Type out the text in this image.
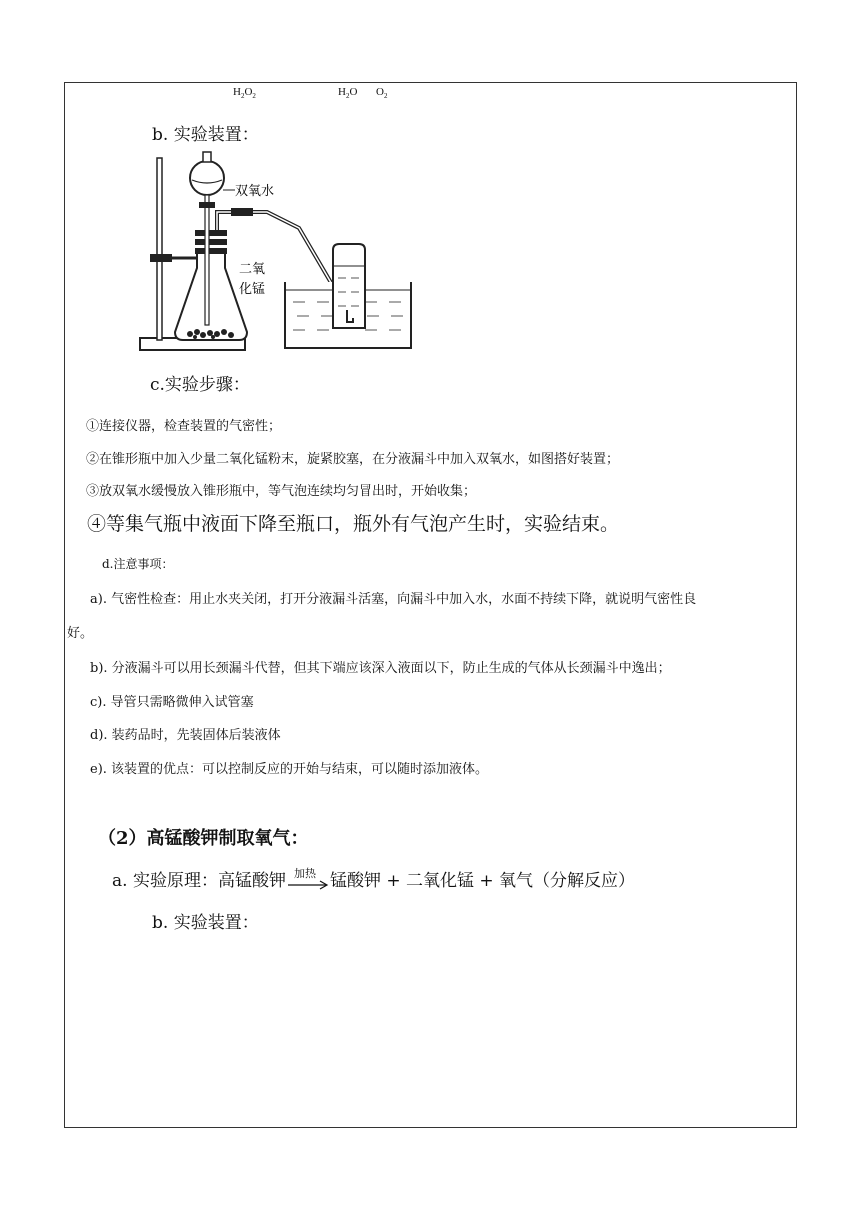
$H_2O_2$	$H_2O$ $O_2$
b. 实验装置：
双氧水
二氧
化锰
c.实验步骤：
①连接仪器，检查装置的气密性；
②在锥形瓶中加入少量二氧化锰粉末，旋紧胶塞，在分液漏斗中加入双氧水，如图搭好装置；
③放双氧水缓慢放入锥形瓶中，等气泡连续均匀冒出时，开始收集；
④等集气瓶中液面下降至瓶口，瓶外有气泡产生时，实验结束。
d.注意事项：
a). 气密性检查：用止水夹关闭，打开分液漏斗活塞，向漏斗中加入水，水面不持续下降，就说明气密性良
好。
b). 分液漏斗可以用长颈漏斗代替，但其下端应该深入液面以下，防止生成的气体从长颈漏斗中逸出；
c). 导管只需略微伸入试管塞
d). 装药品时，先装固体后装液体
e). 该装置的优点：可以控制反应的开始与结束，可以随时添加液体。
（2）高锰酸钾制取氧气：
a. 实验原理：高锰酸钾 加热 锰酸钾 + 二氧化锰 + 氧气（分解反应）
b. 实验装置：
